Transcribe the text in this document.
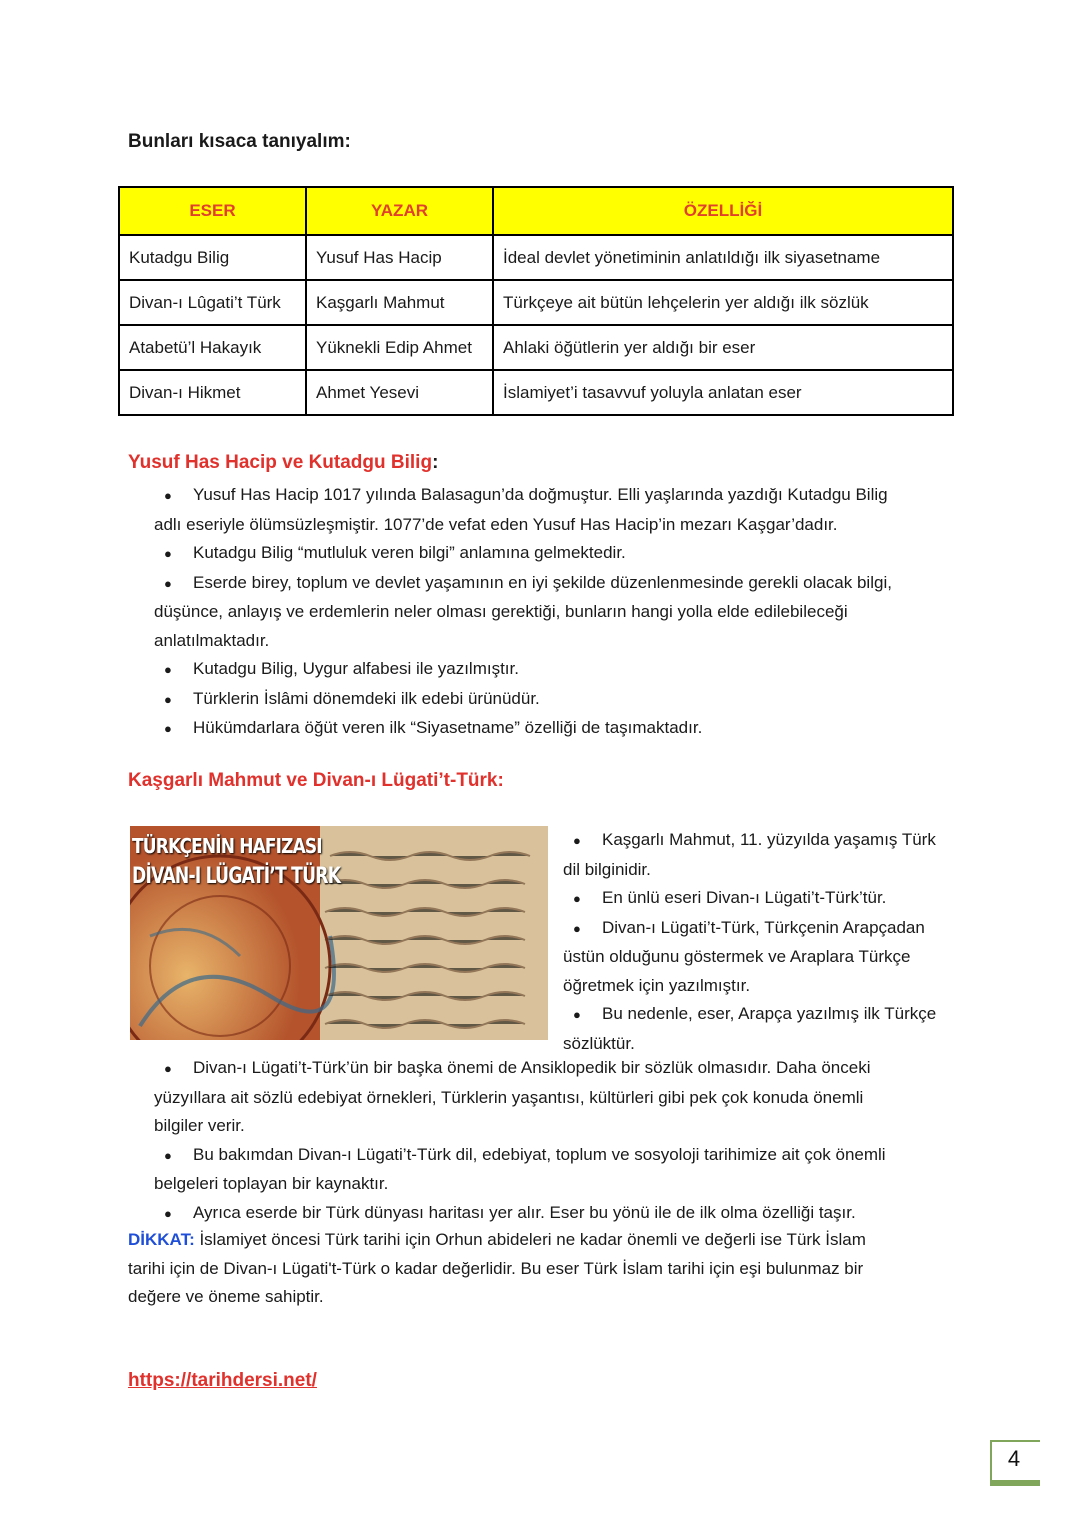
Bunları kısaca tanıyalım:
ESER	YAZAR	ÖZELLİĞİ
Kutadgu Bilig	Yusuf Has Hacip	İdeal devlet yönetiminin anlatıldığı ilk siyasetname
Divan-ı Lûgati’t Türk	Kaşgarlı Mahmut	Türkçeye ait bütün lehçelerin yer aldığı ilk sözlük
Atabetü’l Hakayık	Yüknekli Edip Ahmet	Ahlaki öğütlerin yer aldığı bir eser
Divan-ı Hikmet	Ahmet Yesevi	İslamiyet’i tasavvuf yoluyla anlatan eser
Yusuf Has Hacip ve Kutadgu Bilig:
● Yusuf Has Hacip 1017 yılında Balasagun’da doğmuştur. Elli yaşlarında yazdığı Kutadgu Bilig
adlı eseriyle ölümsüzleşmiştir. 1077’de vefat eden Yusuf Has Hacip’in mezarı Kaşgar’dadır.
● Kutadgu Bilig “mutluluk veren bilgi” anlamına gelmektedir.
● Eserde birey, toplum ve devlet yaşamının en iyi şekilde düzenlenmesinde gerekli olacak bilgi,
düşünce, anlayış ve erdemlerin neler olması gerektiği, bunların hangi yolla elde edilebileceği
anlatılmaktadır.
● Kutadgu Bilig, Uygur alfabesi ile yazılmıştır.
● Türklerin İslâmi dönemdeki ilk edebi ürünüdür.
● Hükümdarlara öğüt veren ilk “Siyasetname” özelliği de taşımaktadır.
Kaşgarlı Mahmut ve Divan-ı Lügati’t-Türk:
TÜRKÇENİN HAFIZASI
DİVAN-I LÜGATİ’T TÜRK
● Kaşgarlı Mahmut, 11. yüzyılda yaşamış Türk
dil bilginidir.
● En ünlü eseri Divan-ı Lügati’t-Türk’tür.
● Divan-ı Lügati’t-Türk, Türkçenin Arapçadan
üstün olduğunu göstermek ve Araplara Türkçe
öğretmek için yazılmıştır.
● Bu nedenle, eser, Arapça yazılmış ilk Türkçe
sözlüktür.
● Divan-ı Lügati’t-Türk’ün bir başka önemi de Ansiklopedik bir sözlük olmasıdır. Daha önceki
yüzyıllara ait sözlü edebiyat örnekleri, Türklerin yaşantısı, kültürleri gibi pek çok konuda önemli
bilgiler verir.
● Bu bakımdan Divan-ı Lügati’t-Türk dil, edebiyat, toplum ve sosyoloji tarihimize ait çok önemli
belgeleri toplayan bir kaynaktır.
● Ayrıca eserde bir Türk dünyası haritası yer alır. Eser bu yönü ile de ilk olma özelliği taşır.
DİKKAT: İslamiyet öncesi Türk tarihi için Orhun abideleri ne kadar önemli ve değerli ise Türk İslam
tarihi için de Divan-ı Lügati't-Türk o kadar değerlidir. Bu eser Türk İslam tarihi için eşi bulunmaz bir
değere ve öneme sahiptir.
https://tarihdersi.net/
4
